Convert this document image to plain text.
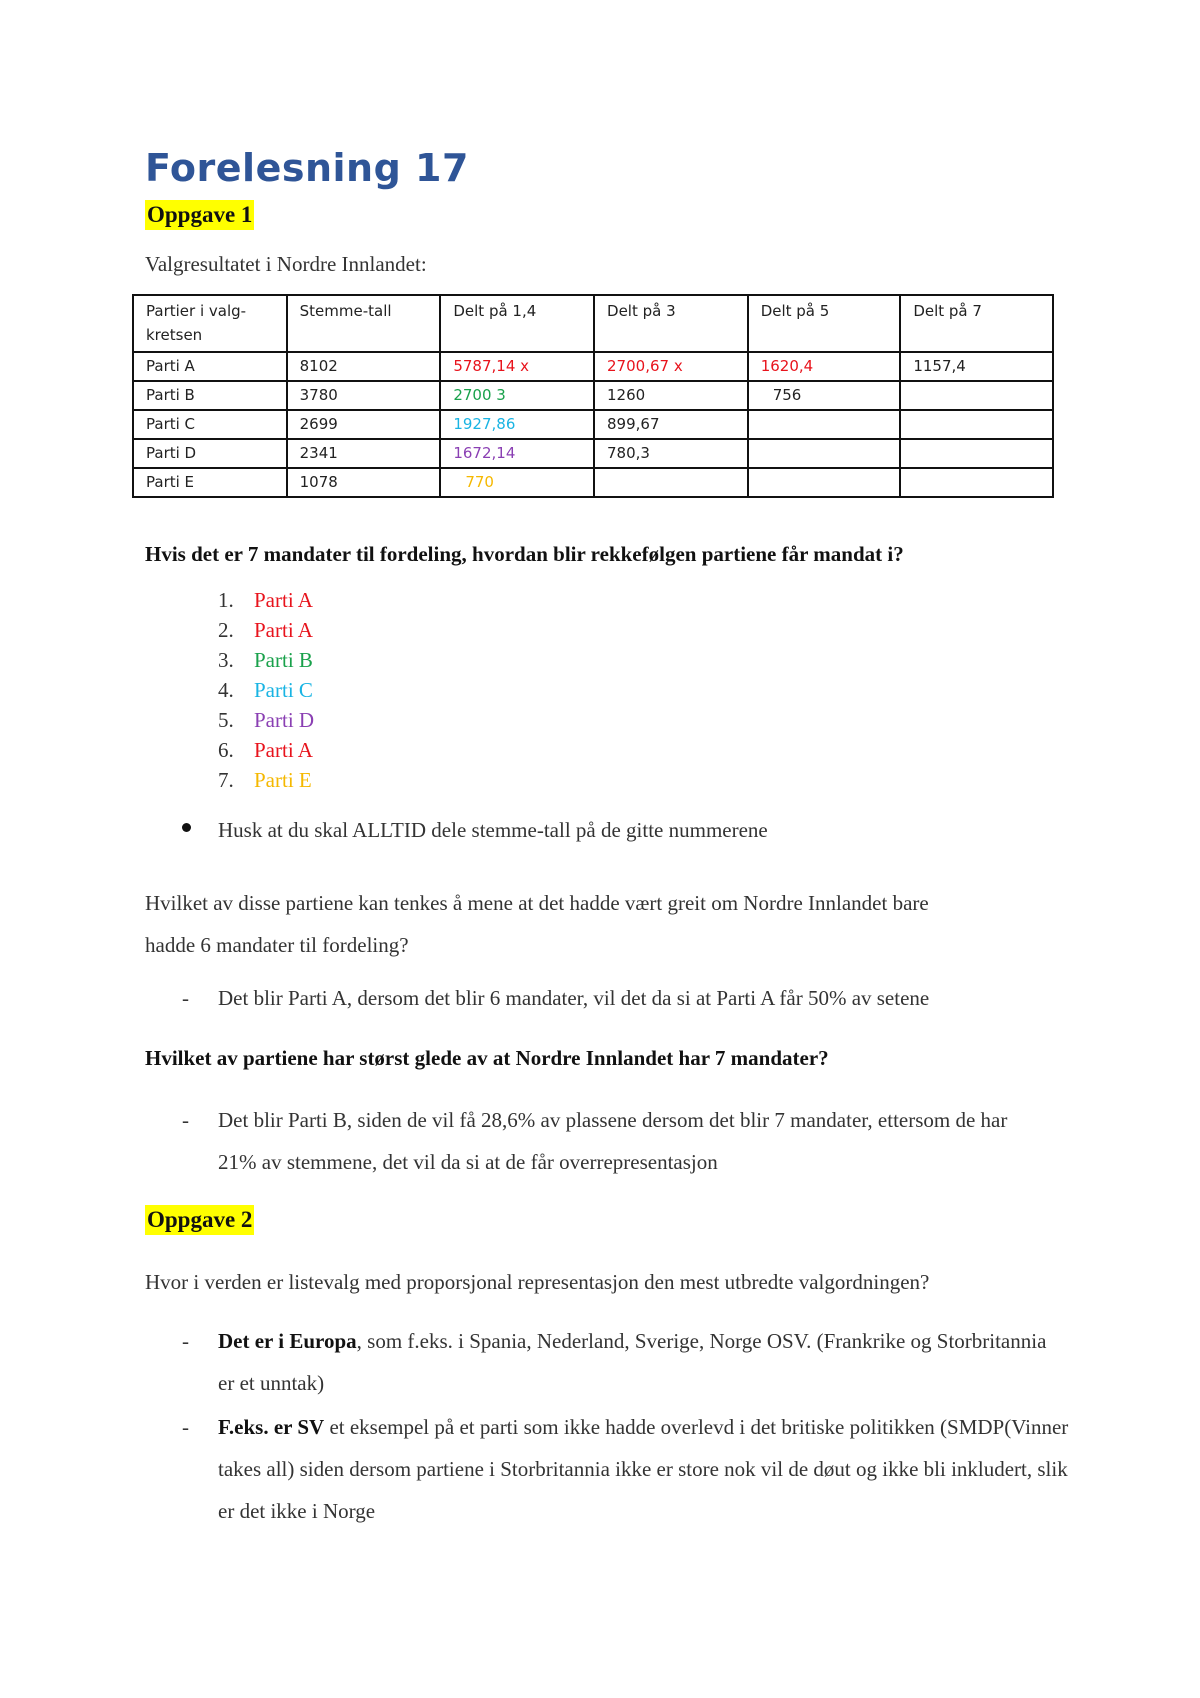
Forelesning 17
Oppgave 1

Valgresultatet i Nordre Innlandet:

Partier i valg-kretsen	Stemme-tall	Delt på 1,4	Delt på 3	Delt på 5	Delt på 7
Parti A	8102	5787,14 x	2700,67 x	1620,4	1157,4
Parti B	3780	2700 3	1260	756	
Parti C	2699	1927,86	899,67		
Parti D	2341	1672,14	780,3		
Parti E	1078	770			

Hvis det er 7 mandater til fordeling, hvordan blir rekkefølgen partiene får mandat i?

1. Parti A
2. Parti A
3. Parti B
4. Parti C
5. Parti D
6. Parti A
7. Parti E

Husk at du skal ALLTID dele stemme-tall på de gitte nummerene

Hvilket av disse partiene kan tenkes å mene at det hadde vært greit om Nordre Innlandet bare
hadde 6 mandater til fordeling?

- Det blir Parti A, dersom det blir 6 mandater, vil det da si at Parti A får 50% av setene

Hvilket av partiene har størst glede av at Nordre Innlandet har 7 mandater?

- Det blir Parti B, siden de vil få 28,6% av plassene dersom det blir 7 mandater, ettersom de har 21% av stemmene, det vil da si at de får overrepresentasjon

Oppgave 2

Hvor i verden er listevalg med proporsjonal representasjon den mest utbredte valgordningen?

- Det er i Europa, som f.eks. i Spania, Nederland, Sverige, Norge OSV. (Frankrike og Storbritannia er et unntak)

- F.eks. er SV et eksempel på et parti som ikke hadde overlevd i det britiske politikken (SMDP(Vinner takes all) siden dersom partiene i Storbritannia ikke er store nok vil de døut og ikke bli inkludert, slik er det ikke i Norge
